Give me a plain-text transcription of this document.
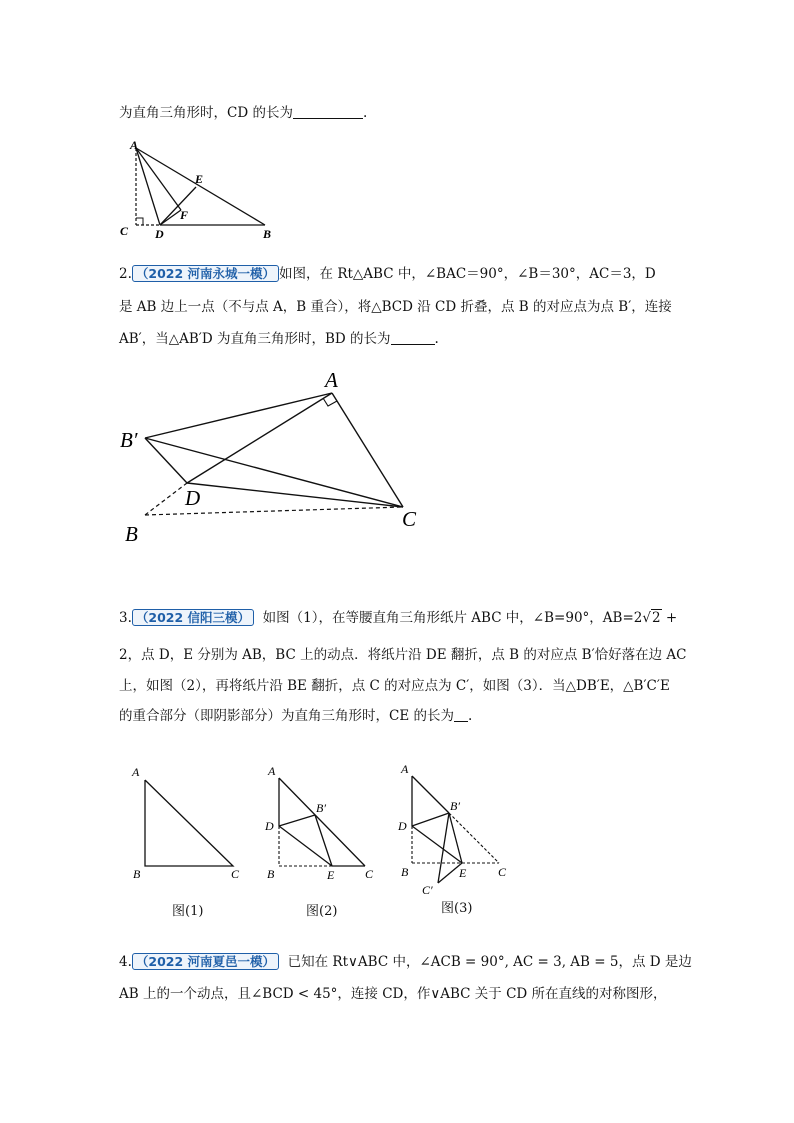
为直角三角形时，CD 的长为	.
A
E
F
C D	B
2. （2022 河南永城一模） 如图，在 Rt△ABC 中，∠BAC＝90°，∠B＝30°，AC＝3，D
是 AB 边上一点（不与点 A，B 重合），将△BCD 沿 CD 折叠，点 B 的对应点为点 B′，连接
AB′，当△AB′D 为直角三角形时，BD 的长为	.
A
B′
D
C
B
3. （2022 信阳三模） 如图（1），在等腰直角三角形纸片 ABC 中，∠B=90°，AB=2√2 +
2，点 D，E 分别为 AB，BC 上的动点．将纸片沿 DE 翻折，点 B 的对应点 B′恰好落在边 AC
上，如图（2），再将纸片沿 BE 翻折，点 C 的对应点为 C′，如图（3）．当△DB′E，△B′C′E
的重合部分（即阴影部分）为直角三角形时，CE 的长为 .
A
B	C
图(1)
A
B′
D
B	E	C
图(2)
A
B′
D
B	E	C
C′
图(3)
4. （2022 河南夏邑一模） 已知在 Rt∨ABC 中，∠ACB = 90°, AC = 3, AB = 5，点 D 是边
AB 上的一个动点，且∠BCD < 45°，连接 CD，作∨ABC 关于 CD 所在直线的对称图形，
